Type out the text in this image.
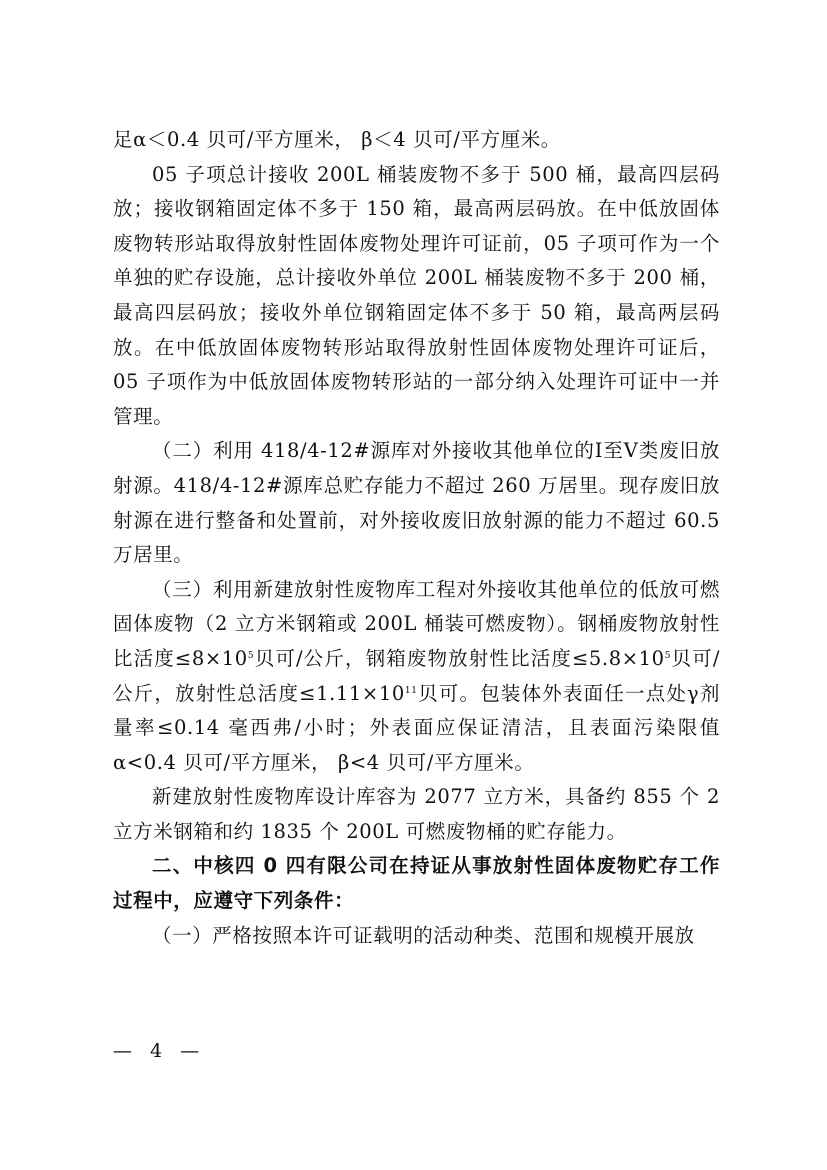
足α＜0.4 贝可/平方厘米， β＜4 贝可/平方厘米。

05 子项总计接收 200L 桶装废物不多于 500 桶，最高四层码放；接收钢箱固定体不多于 150 箱，最高两层码放。在中低放固体废物转形站取得放射性固体废物处理许可证前，05 子项可作为一个单独的贮存设施，总计接收外单位 200L 桶装废物不多于 200 桶，最高四层码放；接收外单位钢箱固定体不多于 50 箱，最高两层码放。在中低放固体废物转形站取得放射性固体废物处理许可证后，05 子项作为中低放固体废物转形站的一部分纳入处理许可证中一并管理。

（二）利用 418/4-12#源库对外接收其他单位的Ⅰ至Ⅴ类废旧放射源。418/4-12#源库总贮存能力不超过 260 万居里。现存废旧放射源在进行整备和处置前，对外接收废旧放射源的能力不超过 60.5 万居里。

（三）利用新建放射性废物库工程对外接收其他单位的低放可燃固体废物（2 立方米钢箱或 200L 桶装可燃废物）。钢桶废物放射性比活度$\le 8\times 10^5$贝可/公斤，钢箱废物放射性比活度$\le 5.8\times 10^5$贝可/公斤，放射性总活度$\le 1.11\times 10^{11}$贝可。包装体外表面任一点处γ剂量率≤0.14 毫西弗/小时；外表面应保证清洁，且表面污染限值α<0.4 贝可/平方厘米， β<4 贝可/平方厘米。

新建放射性废物库设计库容为 2077 立方米，具备约 855 个 2 立方米钢箱和约 1835 个 200L 可燃废物桶的贮存能力。

二、中核四 0 四有限公司在持证从事放射性固体废物贮存工作过程中，应遵守下列条件：

（一）严格按照本许可证载明的活动种类、范围和规模开展放

— 4 —
